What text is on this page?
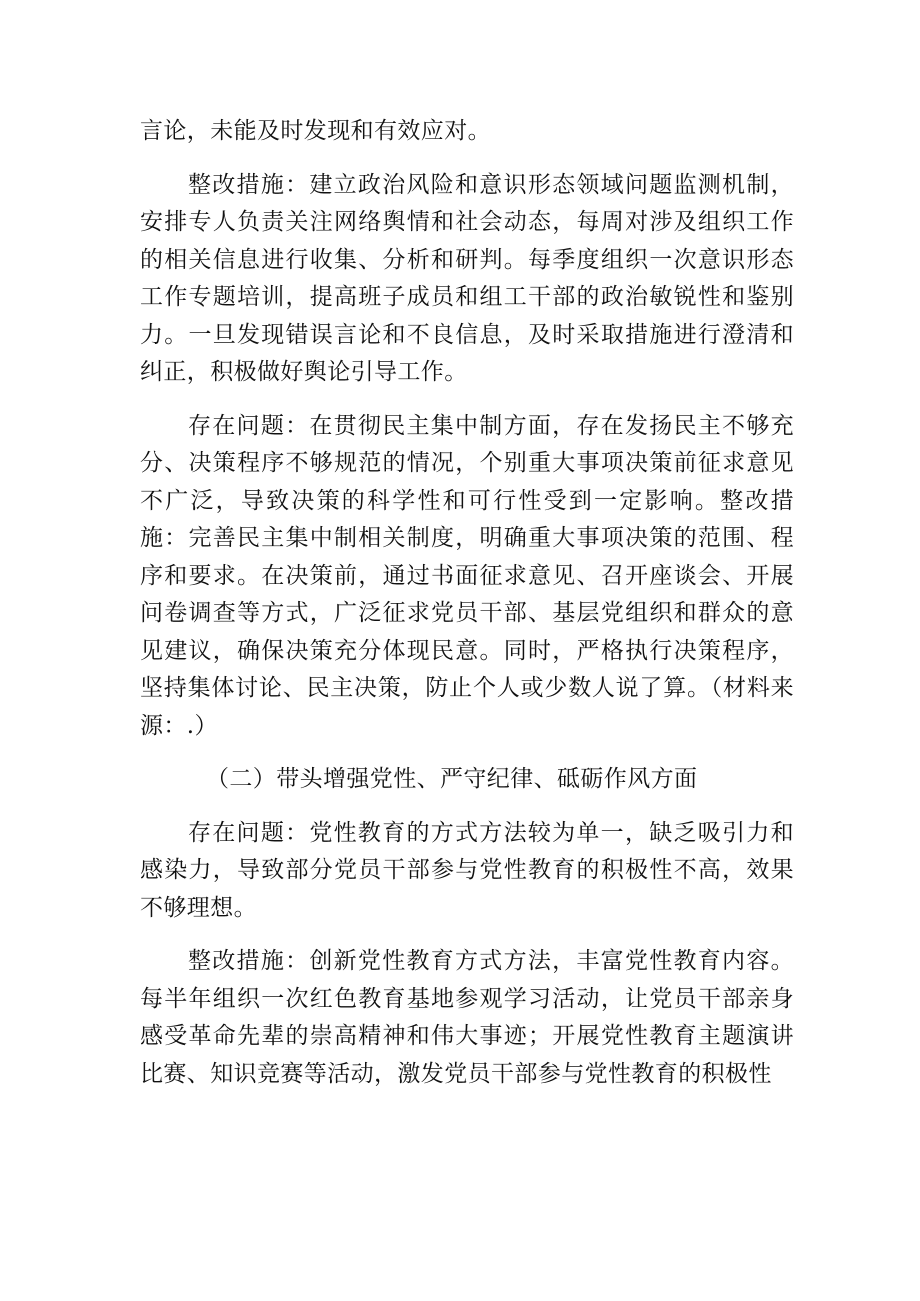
言论，未能及时发现和有效应对。

整改措施：建立政治风险和意识形态领域问题监测机制，安排专人负责关注网络舆情和社会动态，每周对涉及组织工作的相关信息进行收集、分析和研判。每季度组织一次意识形态工作专题培训，提高班子成员和组工干部的政治敏锐性和鉴别力。一旦发现错误言论和不良信息，及时采取措施进行澄清和纠正，积极做好舆论引导工作。

存在问题：在贯彻民主集中制方面，存在发扬民主不够充分、决策程序不够规范的情况，个别重大事项决策前征求意见不广泛，导致决策的科学性和可行性受到一定影响。整改措施：完善民主集中制相关制度，明确重大事项决策的范围、程序和要求。在决策前，通过书面征求意见、召开座谈会、开展问卷调查等方式，广泛征求党员干部、基层党组织和群众的意见建议，确保决策充分体现民意。同时，严格执行决策程序，坚持集体讨论、民主决策，防止个人或少数人说了算。（材料来源：.）

（二）带头增强党性、严守纪律、砥砺作风方面

存在问题：党性教育的方式方法较为单一，缺乏吸引力和感染力，导致部分党员干部参与党性教育的积极性不高，效果不够理想。

整改措施：创新党性教育方式方法，丰富党性教育内容。每半年组织一次红色教育基地参观学习活动，让党员干部亲身感受革命先辈的崇高精神和伟大事迹；开展党性教育主题演讲比赛、知识竞赛等活动，激发党员干部参与党性教育的积极性
